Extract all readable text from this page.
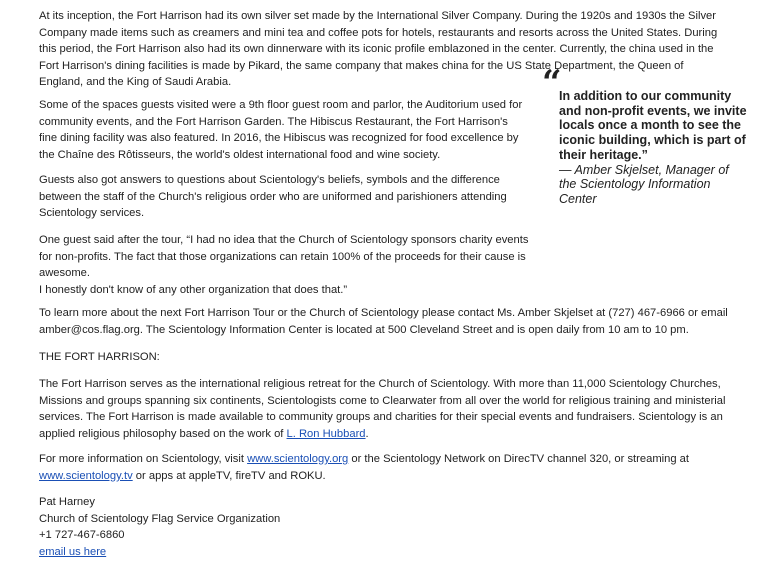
At its inception, the Fort Harrison had its own silver set made by the International Silver Company. During the 1920s and 1930s the Silver Company made items such as creamers and mini tea and coffee pots for hotels, restaurants and resorts across the United States. During this period, the Fort Harrison also had its own dinnerware with its iconic profile emblazoned in the center. Currently, the china used in the Fort Harrison's dining facilities is made by Pikard, the same company that makes china for the US State Department, the Queen of England, and the King of Saudi Arabia.

Some of the spaces guests visited were a 9th floor guest room and parlor, the Auditorium used for community events, and the Fort Harrison Garden. The Hibiscus Restaurant, the Fort Harrison's fine dining facility was also featured. In 2016, the Hibiscus was recognized for food excellence by the Chaîne des Rôtisseurs, the world's oldest international food and wine society.

Guests also got answers to questions about Scientology's beliefs, symbols and the difference between the staff of the Church's religious order who are uniformed and parishioners attending Scientology services.

One guest said after the tour, “I had no idea that the Church of Scientology sponsors charity events for non-profits. The fact that those organizations can retain 100% of the proceeds for their cause is awesome.
I honestly don't know of any other organization that does that.”

“
In addition to our community and non-profit events, we invite locals once a month to see the iconic building, which is part of their heritage.”
— Amber Skjelset, Manager of the Scientology Information Center

To learn more about the next Fort Harrison Tour or the Church of Scientology please contact Ms. Amber Skjelset at (727) 467-6966 or email amber@cos.flag.org. The Scientology Information Center is located at 500 Cleveland Street and is open daily from 10 am to 10 pm.

THE FORT HARRISON:

The Fort Harrison serves as the international religious retreat for the Church of Scientology. With more than 11,000 Scientology Churches, Missions and groups spanning six continents, Scientologists come to Clearwater from all over the world for religious training and ministerial services. The Fort Harrison is made available to community groups and charities for their special events and fundraisers. Scientology is an applied religious philosophy based on the work of L. Ron Hubbard.

For more information on Scientology, visit www.scientology.org or the Scientology Network on DirecTV channel 320, or streaming at www.scientology.tv or apps at appleTV, fireTV and ROKU.

Pat Harney
Church of Scientology Flag Service Organization
+1 727-467-6860
email us here
